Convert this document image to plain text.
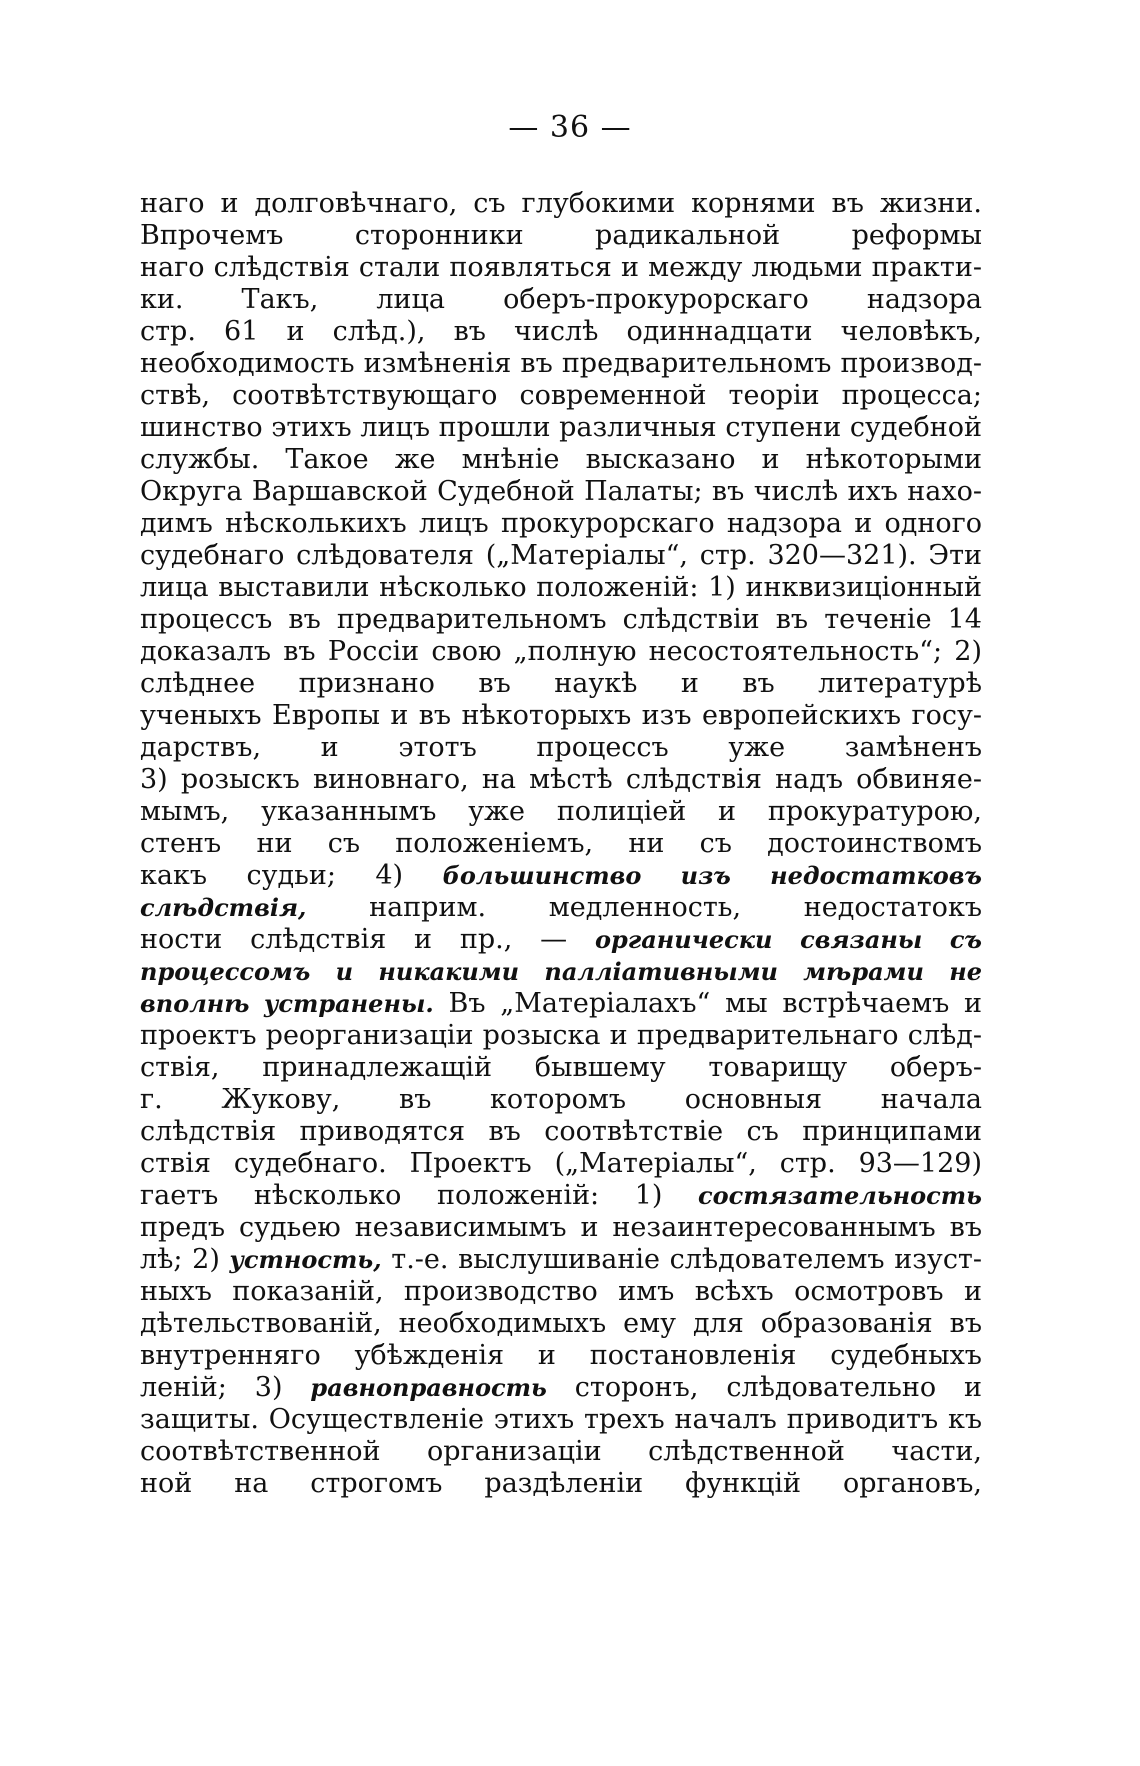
— 36 —
наго и долговѣчнаго, съ глубокими корнями въ жизни.
Впрочемъ сторонники радикальной реформы
наго слѣдствія стали появляться и между людьми практи-
ки. Такъ, лица оберъ-прокурорскаго надзора
стр. 61 и слѣд.), въ числѣ одиннадцати человѣкъ,
необходимость измѣненія въ предварительномъ производ-
ствѣ, соотвѣтствующаго современной теоріи процесса;
шинство этихъ лицъ прошли различныя ступени судебной
службы. Такое же мнѣніе высказано и нѣкоторыми
Округа Варшавской Судебной Палаты; въ числѣ ихъ нахо-
димъ нѣсколькихъ лицъ прокурорскаго надзора и одного
судебнаго слѣдователя („Матеріалы“, стр. 320—321). Эти
лица выставили нѣсколько положеній: 1) инквизиціонный
процессъ въ предварительномъ слѣдствіи въ теченіе 14
доказалъ въ Россіи свою „полную несостоятельность“; 2)
слѣднее признано въ наукѣ и въ литературѣ
ученыхъ Европы и въ нѣкоторыхъ изъ европейскихъ госу-
дарствъ, и этотъ процессъ уже замѣненъ
3) розыскъ виновнаго, на мѣстѣ слѣдствія надъ обвиняе-
мымъ, указаннымъ уже полиціей и прокуратурою,
стенъ ни съ положеніемъ, ни съ достоинствомъ
какъ судьи; 4) большинство изъ недостатковъ
слѣдствія, наприм. медленность, недостатокъ
ности слѣдствія и пр., — органически связаны съ
процессомъ и никакими палліативными мѣрами не
вполнѣ устранены. Въ „Матеріалахъ“ мы встрѣчаемъ и
проектъ реорганизаціи розыска и предварительнаго слѣд-
ствія, принадлежащій бывшему товарищу оберъ-
г. Жукову, въ которомъ основныя начала
слѣдствія приводятся въ соотвѣтствіе съ принципами
ствія судебнаго. Проектъ („Матеріалы“, стр. 93—129)
гаетъ нѣсколько положеній: 1) состязательность
предъ судьею независимымъ и незаинтересованнымъ въ
лѣ; 2) устность, т.-е. выслушиваніе слѣдователемъ изуст-
ныхъ показаній, производство имъ всѣхъ осмотровъ и
дѣтельствованій, необходимыхъ ему для образованія въ
внутренняго убѣжденія и постановленія судебныхъ
леній; 3) равноправность сторонъ, слѣдовательно и
защиты. Осуществленіе этихъ трехъ началъ приводитъ къ
соотвѣтственной организаціи слѣдственной части,
ной на строгомъ раздѣленіи функцій органовъ,
